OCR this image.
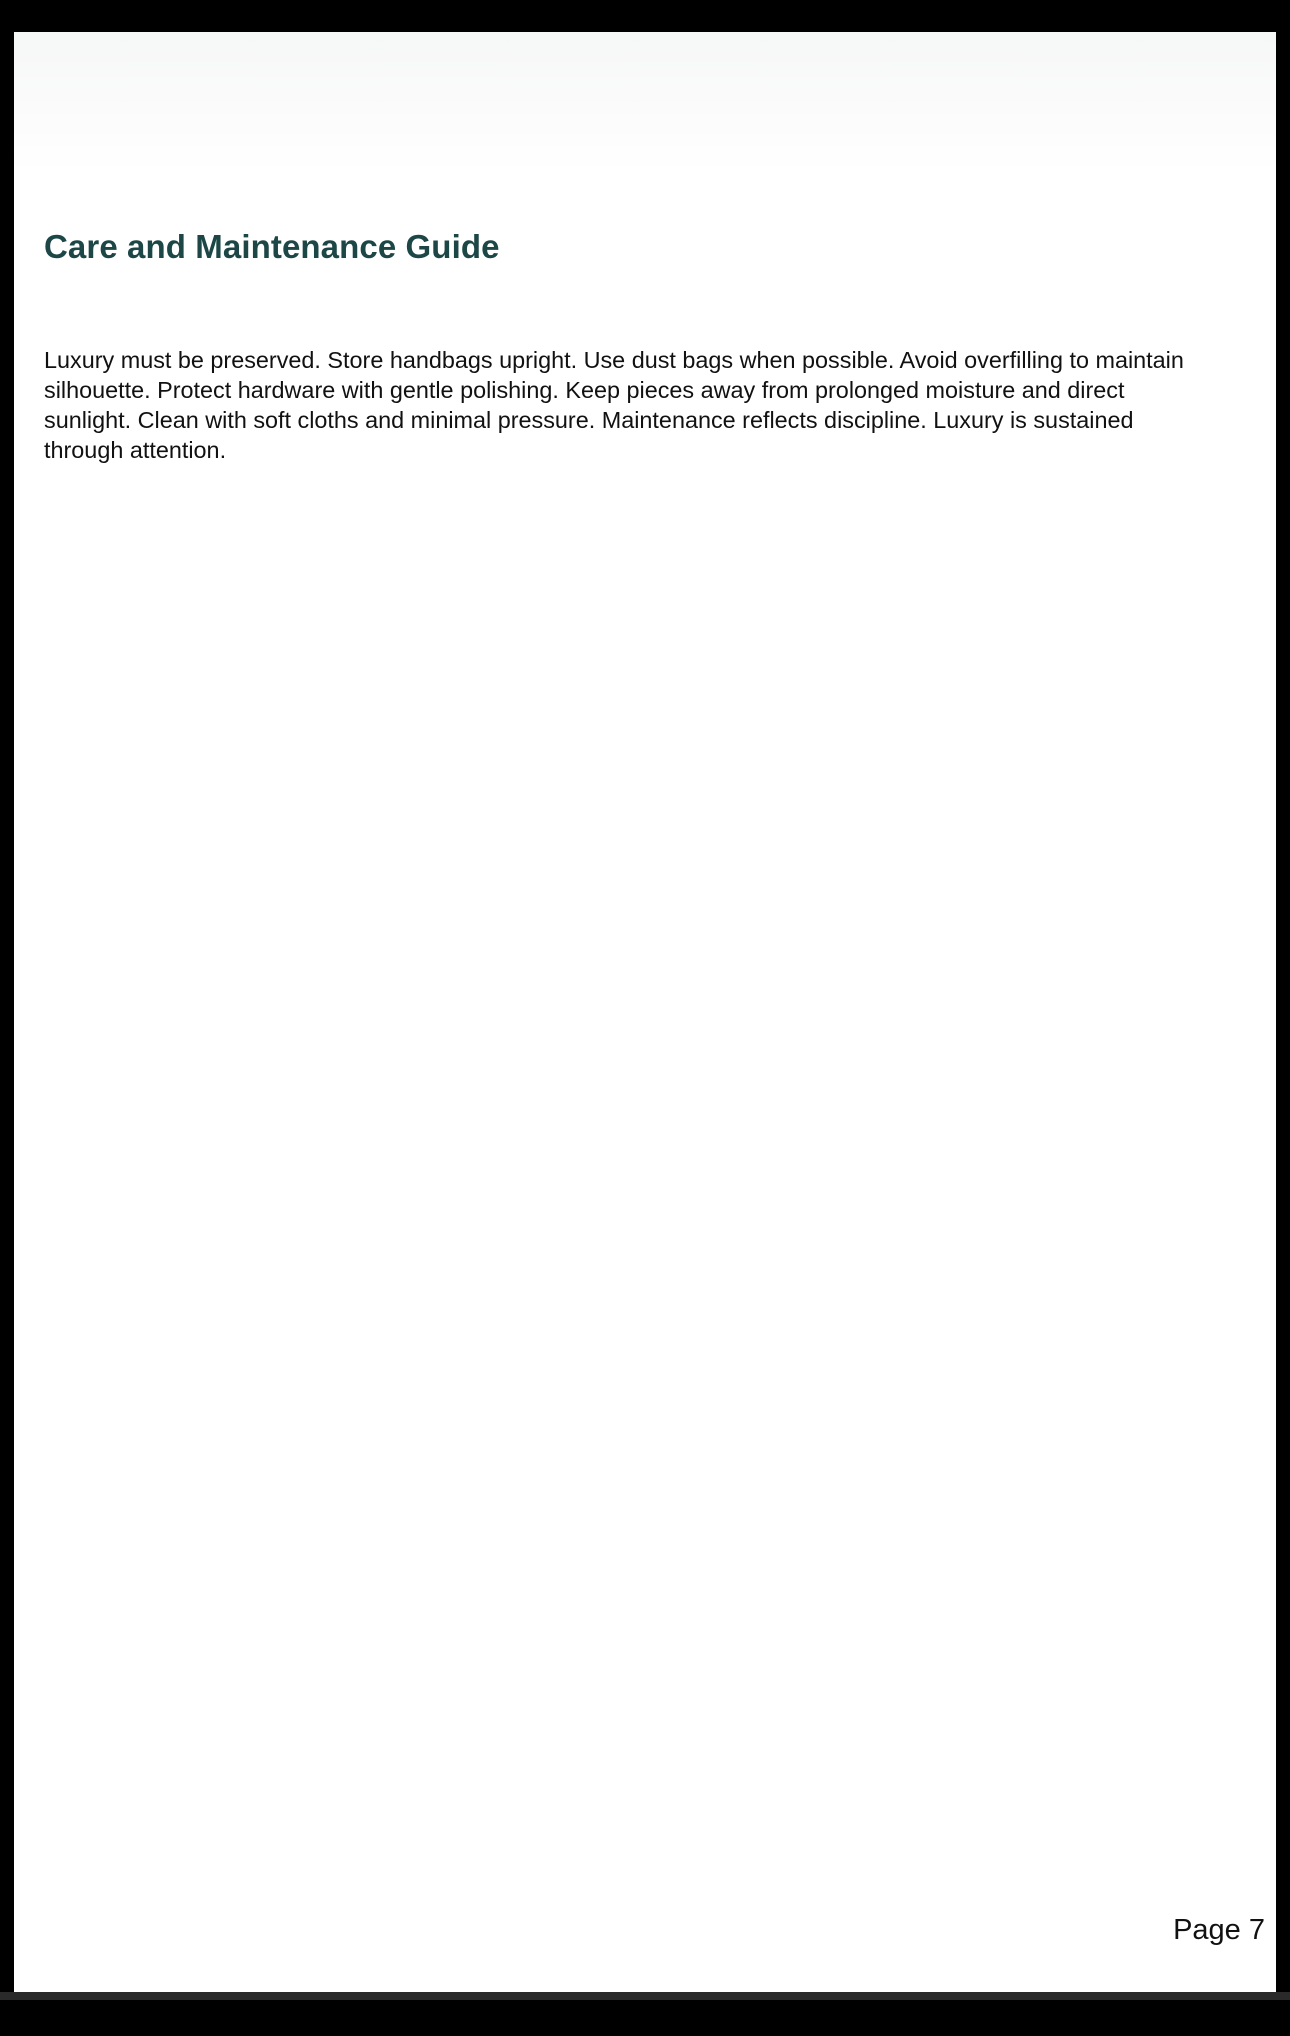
Care and Maintenance Guide

Luxury must be preserved. Store handbags upright. Use dust bags when possible. Avoid overfilling to maintain silhouette. Protect hardware with gentle polishing. Keep pieces away from prolonged moisture and direct sunlight. Clean with soft cloths and minimal pressure. Maintenance reflects discipline. Luxury is sustained through attention.

Page 7
